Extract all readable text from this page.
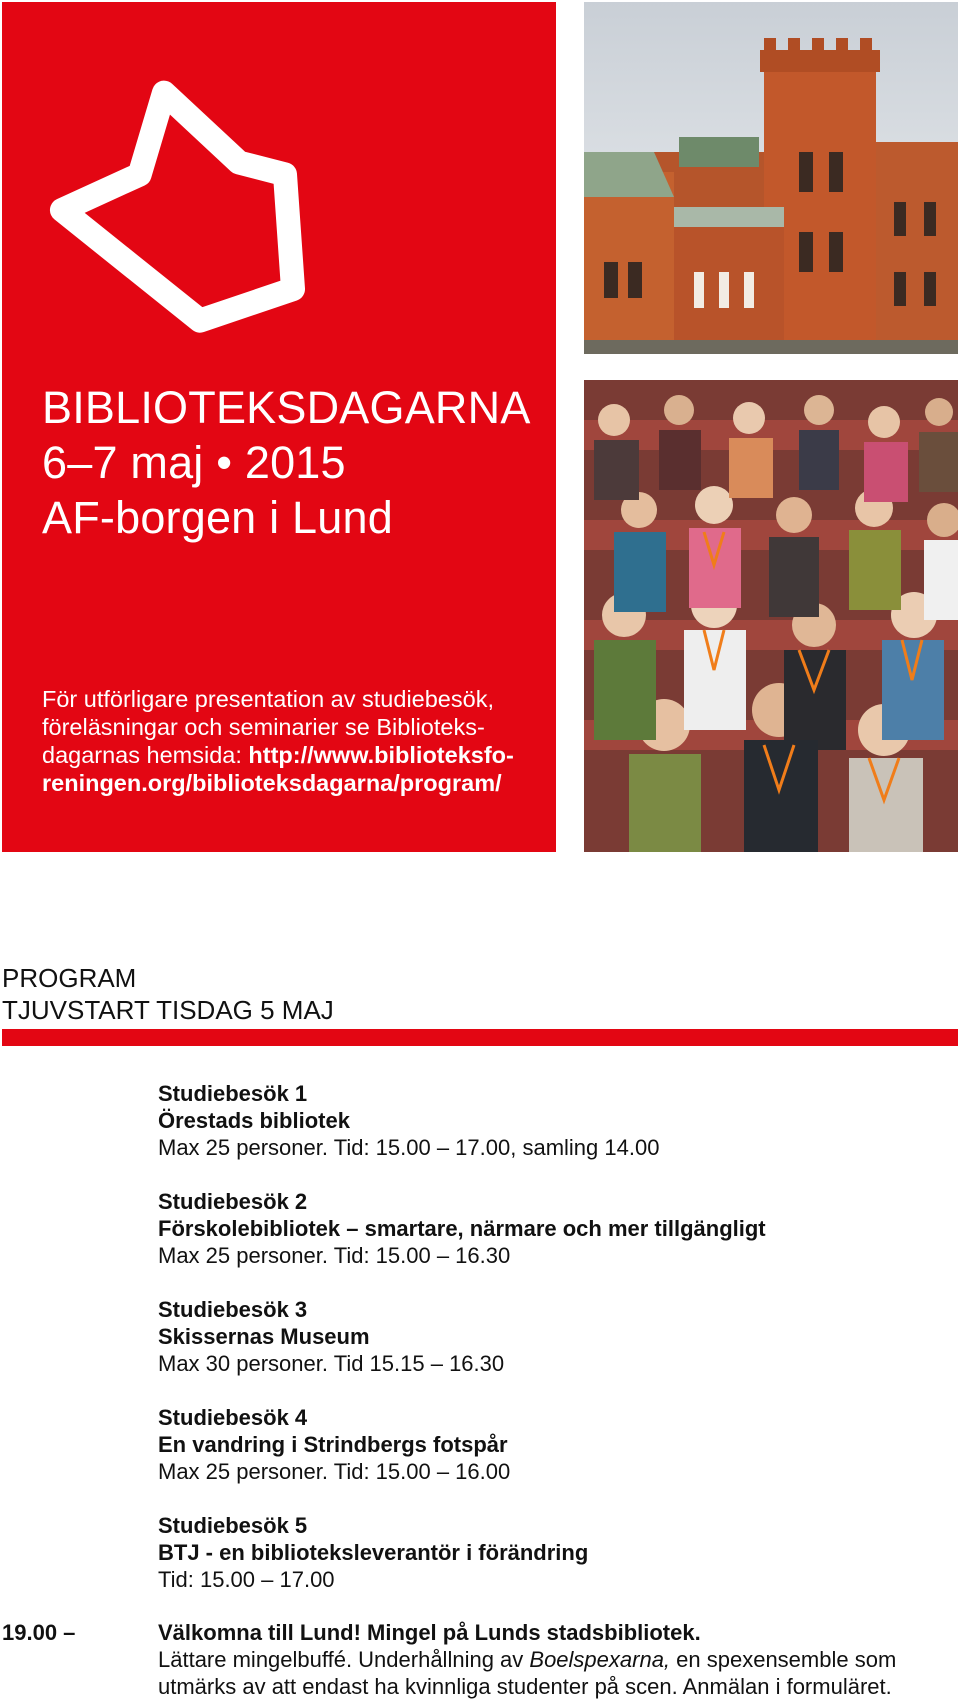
BIBLIOTEKSDAGARNA
6–7 maj • 2015
AF-borgen i Lund
För utförligare presentation av studiebesök, föreläsningar och seminarier se Biblioteksdagarnas hemsida: http://www.biblioteksforeningen.org/biblioteksdagarna/program/
PROGRAM
TJUVSTART TISDAG 5 MAJ
Studiebesök 1
Örestads bibliotek
Max 25 personer. Tid: 15.00 – 17.00, samling 14.00
Studiebesök 2
Förskolebibliotek – smartare, närmare och mer tillgängligt
Max 25 personer. Tid: 15.00 – 16.30
Studiebesök 3
Skissernas Museum
Max 30 personer. Tid 15.15 – 16.30
Studiebesök 4
En vandring i Strindbergs fotspår
Max 25 personer. Tid: 15.00 – 16.00
Studiebesök 5
BTJ - en biblioteksleverantör i förändring
Tid: 15.00 – 17.00
19.00 –	Välkomna till Lund! Mingel på Lunds stadsbibliotek.
Lättare mingelbuffé. Underhållning av Boelspexarna, en spexensemble som utmärks av att endast ha kvinnliga studenter på scen. Anmälan i formuläret.
